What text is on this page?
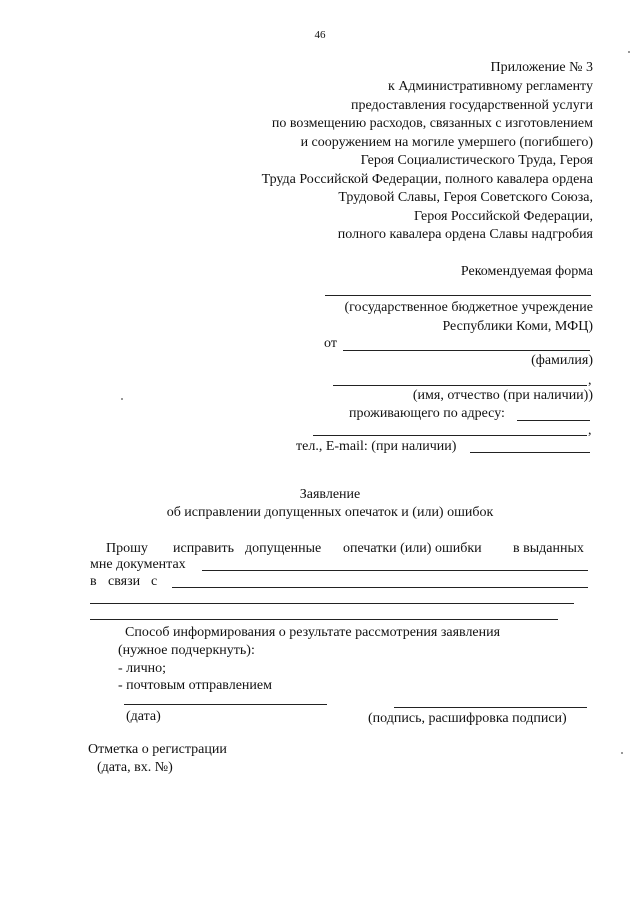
46
Приложение № 3
к Административному регламенту
предоставления государственной услуги
по возмещению расходов, связанных с изготовлением
и сооружением на могиле умершего (погибшего)
Героя Социалистического Труда, Героя
Труда Российской Федерации, полного кавалера ордена
Трудовой Славы, Героя Советского Союза,
Героя Российской Федерации,
полного кавалера ордена Славы надгробия
Рекомендуемая форма
(государственное бюджетное учреждение
Республики Коми, МФЦ)
от
(фамилия)
,
(имя, отчество (при наличии))
проживающего по адресу:
,
тел., E-mail: (при наличии)
Заявление
об исправлении допущенных опечаток и (или) ошибок
Прошу исправить допущенные опечатки (или) ошибки в выданных
мне документах
в связи с
Способ информирования о результате рассмотрения заявления
(нужное подчеркнуть):
- лично;
- почтовым отправлением
(дата)	(подпись, расшифровка подписи)
Отметка о регистрации
(дата, вх. №)
